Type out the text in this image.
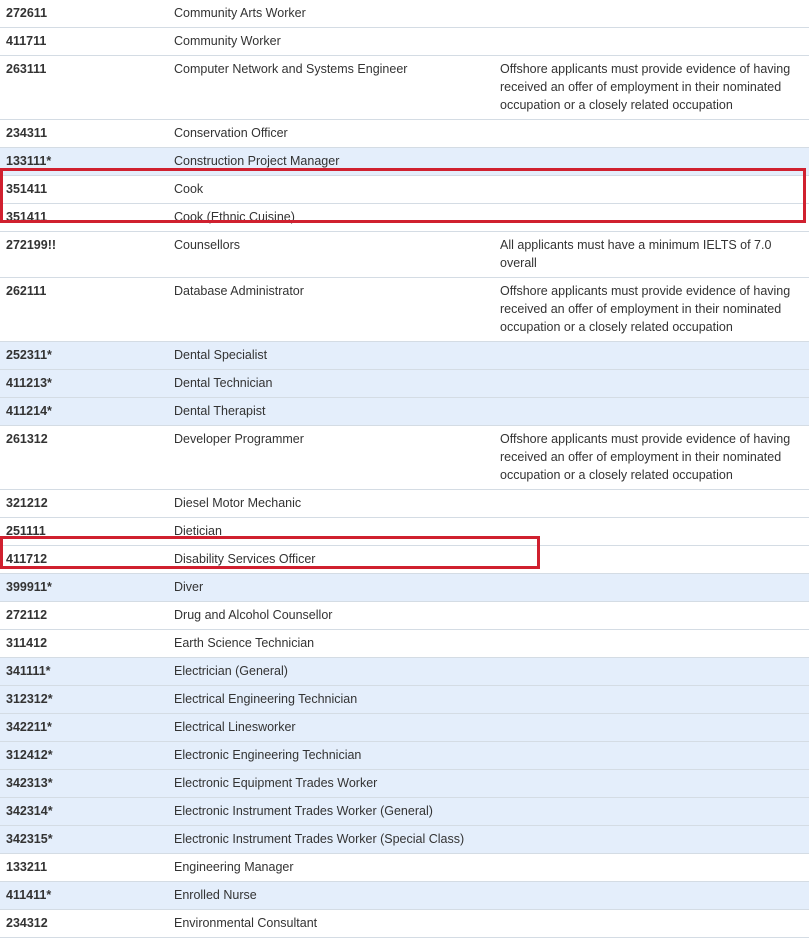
272611	Community Arts Worker	
411711	Community Worker	
263111	Computer Network and Systems Engineer	Offshore applicants must provide evidence of having received an offer of employment in their nominated occupation or a closely related occupation
234311	Conservation Officer	
133111*	Construction Project Manager	
351411	Cook	
351411	Cook (Ethnic Cuisine)	
272199!!	Counsellors	All applicants must have a minimum IELTS of 7.0 overall
262111	Database Administrator	Offshore applicants must provide evidence of having received an offer of employment in their nominated occupation or a closely related occupation
252311*	Dental Specialist	
411213*	Dental Technician	
411214*	Dental Therapist	
261312	Developer Programmer	Offshore applicants must provide evidence of having received an offer of employment in their nominated occupation or a closely related occupation
321212	Diesel Motor Mechanic	
251111	Dietician	
411712	Disability Services Officer	
399911*	Diver	
272112	Drug and Alcohol Counsellor	
311412	Earth Science Technician	
341111*	Electrician (General)	
312312*	Electrical Engineering Technician	
342211*	Electrical Linesworker	
312412*	Electronic Engineering Technician	
342313*	Electronic Equipment Trades Worker	
342314*	Electronic Instrument Trades Worker (General)	
342315*	Electronic Instrument Trades Worker (Special Class)	
133211	Engineering Manager	
411411*	Enrolled Nurse	
234312	Environmental Consultant	
